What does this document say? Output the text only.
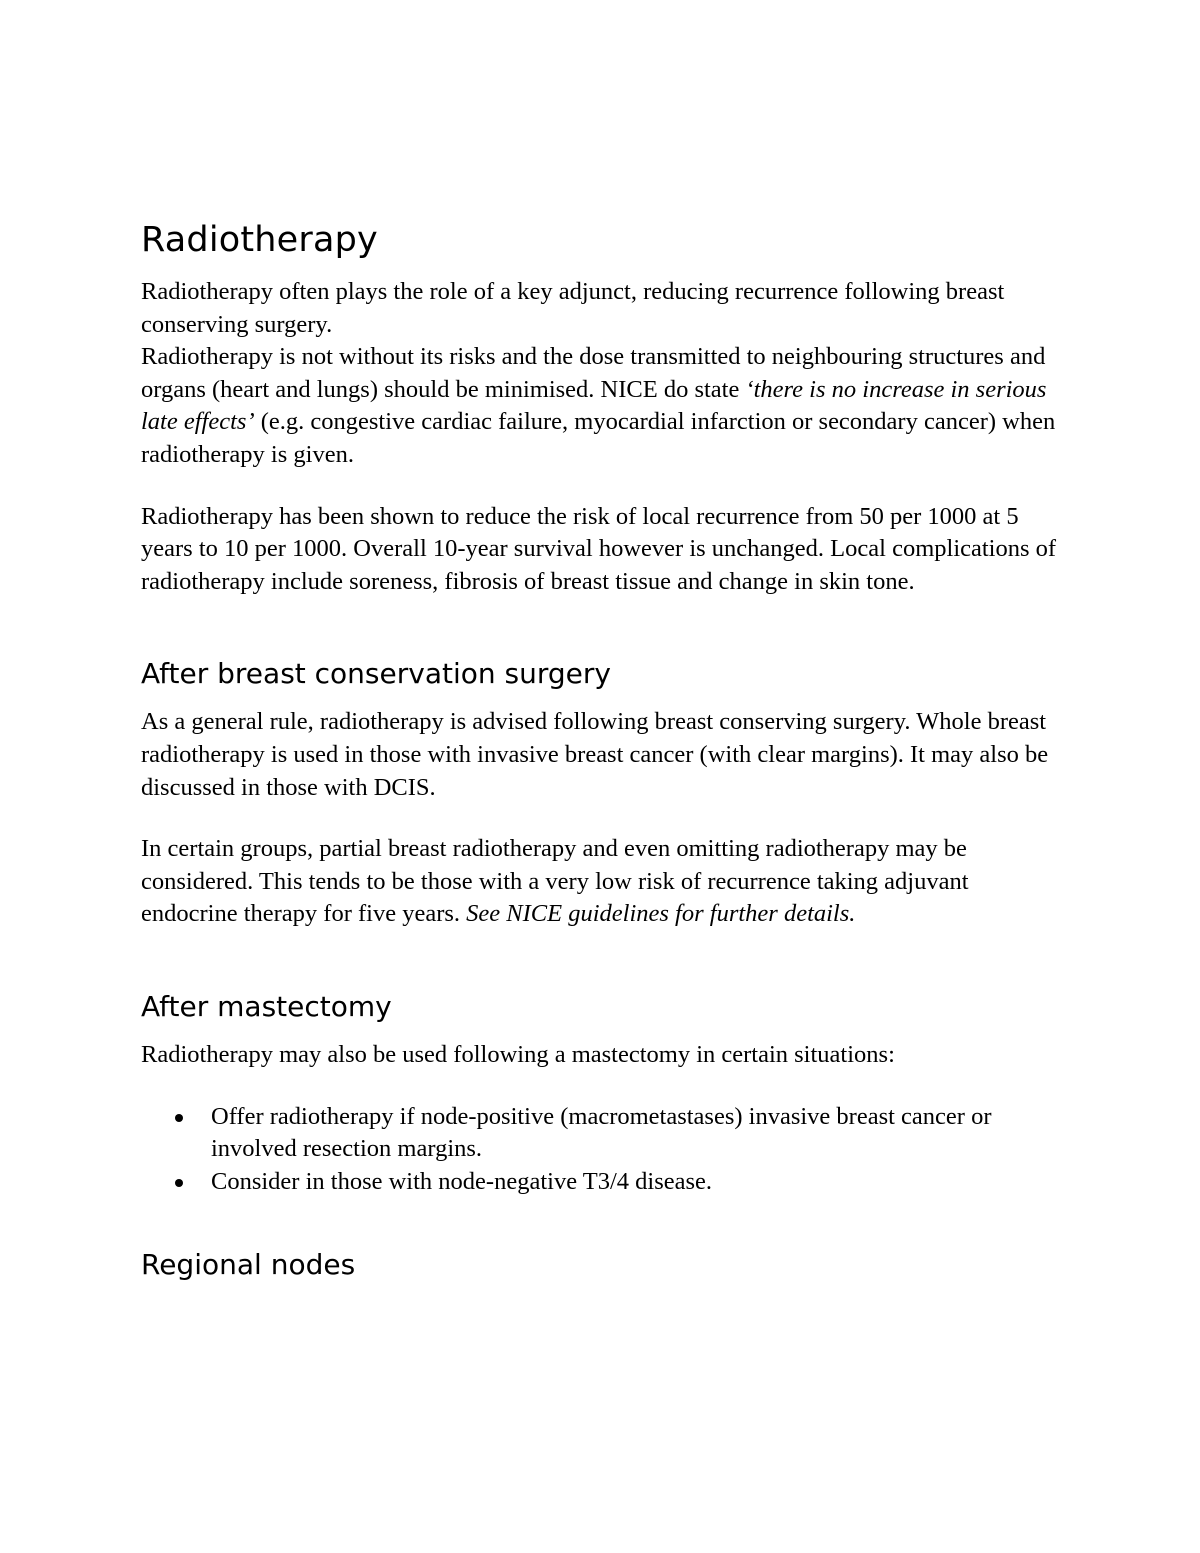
Radiotherapy

Radiotherapy often plays the role of a key adjunct, reducing recurrence following breast conserving surgery.

Radiotherapy is not without its risks and the dose transmitted to neighbouring structures and organs (heart and lungs) should be minimised. NICE do state ‘there is no increase in serious late effects’ (e.g. congestive cardiac failure, myocardial infarction or secondary cancer) when radiotherapy is given.

Radiotherapy has been shown to reduce the risk of local recurrence from 50 per 1000 at 5 years to 10 per 1000. Overall 10-year survival however is unchanged. Local complications of radiotherapy include soreness, fibrosis of breast tissue and change in skin tone.

After breast conservation surgery

As a general rule, radiotherapy is advised following breast conserving surgery. Whole breast radiotherapy is used in those with invasive breast cancer (with clear margins). It may also be discussed in those with DCIS.

In certain groups, partial breast radiotherapy and even omitting radiotherapy may be considered. This tends to be those with a very low risk of recurrence taking adjuvant endocrine therapy for five years. See NICE guidelines for further details.

After mastectomy

Radiotherapy may also be used following a mastectomy in certain situations:

Offer radiotherapy if node-positive (macrometastases) invasive breast cancer or involved resection margins.
Consider in those with node-negative T3/4 disease.
Regional nodes
